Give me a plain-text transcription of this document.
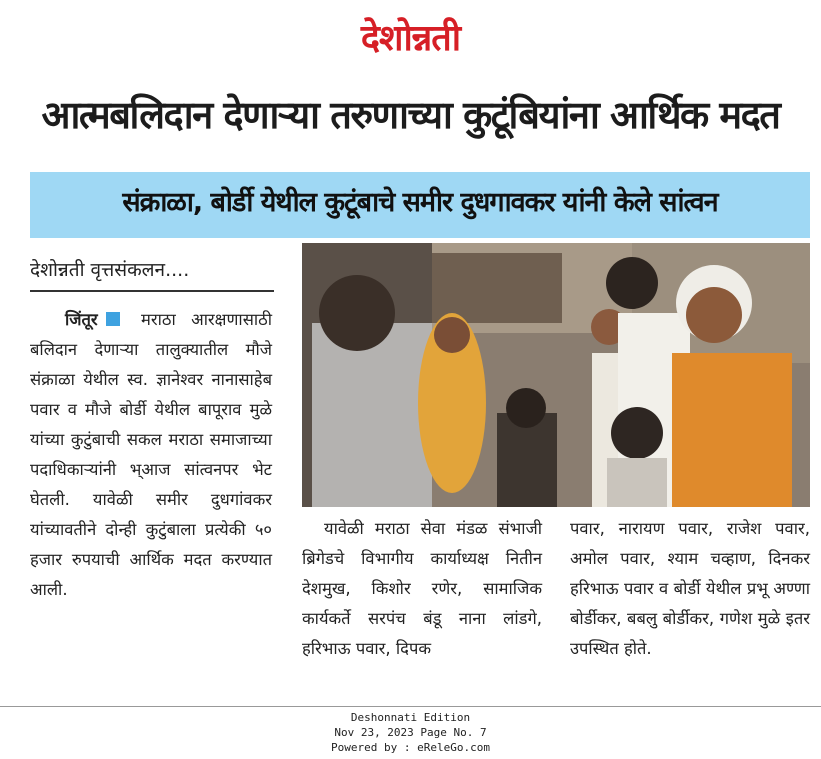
देशोन्नती
आत्मबलिदान देणाऱ्या तरुणाच्या कुटूंबियांना आर्थिक मदत
संक्राळा, बोर्डी येथील कुटूंबाचे समीर दुधगावकर यांनी केले सांत्वन
देशोन्नती वृत्तसंकलन....
जिंतूर	मराठा आरक्षणासाठी बलिदान देणाऱ्या तालुक्यातील मौजे संक्राळा येथील स्व. ज्ञानेश्वर नानासाहेब पवार व मौजे बोर्डी येथील बापूराव मुळे यांच्या कुटुंबाची सकल मराठा समाजाच्या पदाधिकाऱ्यांनी भ्आज सांत्वनपर भेट घेतली. यावेळी समीर दुधगांवकर यांच्यावतीने दोन्ही कुटुंबाला प्रत्येकी ५० हजार रुपयाची आर्थिक मदत करण्यात आली.
यावेळी मराठा सेवा मंडळ संभाजी ब्रिगेडचे विभागीय कार्याध्यक्ष नितीन देशमुख, किशोर रणेर, सामाजिक कार्यकर्ते सरपंच बंडू नाना लांडगे, हरिभाऊ पवार, दिपक
पवार, नारायण पवार, राजेश पवार, अमोल पवार, श्याम चव्हाण, दिनकर हरिभाऊ पवार व बोर्डी येथील प्रभू अण्णा बोर्डीकर, बबलु बोर्डीकर, गणेश मुळे इतर उपस्थित होते.
Deshonnati Edition
Nov 23, 2023 Page No. 7
Powered by : eReleGo.com
